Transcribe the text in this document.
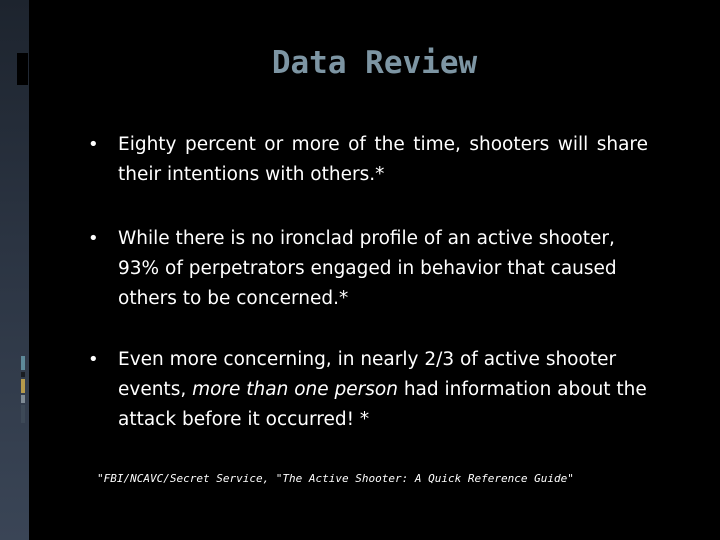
Data Review
• Eighty percent or more of the time, shooters will share their intentions with others.*
• While there is no ironclad profile of an active shooter, 93% of perpetrators engaged in behavior that caused others to be concerned.*
• Even more concerning, in nearly 2/3 of active shooter events, more than one person had information about the attack before it occurred! *
"FBI/NCAVC/Secret Service, "The Active Shooter: A Quick Reference Guide"
